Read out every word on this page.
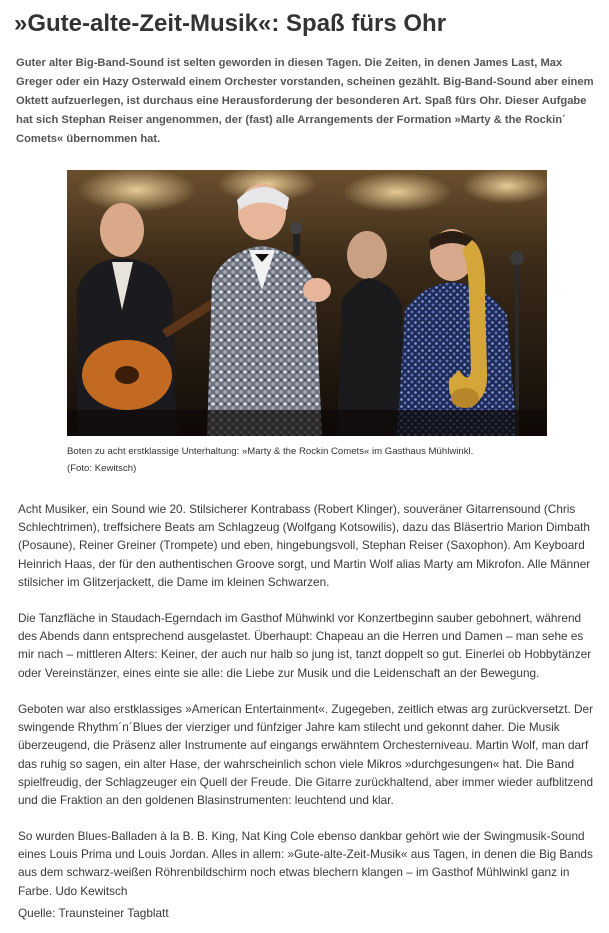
»Gute-alte-Zeit-Musik«: Spaß fürs Ohr

Guter alter Big-Band-Sound ist selten geworden in diesen Tagen. Die Zeiten, in denen James Last, Max Greger oder ein Hazy Osterwald einem Orchester vorstanden, scheinen gezählt. Big-Band-Sound aber einem Oktett aufzuerlegen, ist durchaus eine Herausforderung der besonderen Art. Spaß fürs Ohr. Dieser Aufgabe hat sich Stephan Reiser angenommen, der (fast) alle Arrangements der Formation »Marty & the Rockin´ Comets« übernommen hat.

Boten zu acht erstklassige Unterhaltung: »Marty & the Rockin Comets« im Gasthaus Mühlwinkl.
(Foto: Kewitsch)

Acht Musiker, ein Sound wie 20. Stilsicherer Kontrabass (Robert Klinger), souveräner Gitarrensound (Chris Schlechtrimen), treffsichere Beats am Schlagzeug (Wolfgang Kotsowilis), dazu das Bläsertrio Marion Dimbath (Posaune), Reiner Greiner (Trompete) und eben, hingebungsvoll, Stephan Reiser (Saxophon). Am Keyboard Heinrich Haas, der für den authentischen Groove sorgt, und Martin Wolf alias Marty am Mikrofon. Alle Männer stilsicher im Glitzerjackett, die Dame im kleinen Schwarzen.

Die Tanzfläche in Staudach-Egerndach im Gasthof Mühwinkl vor Konzertbeginn sauber gebohnert, während des Abends dann entsprechend ausgelastet. Überhaupt: Chapeau an die Herren und Damen – man sehe es mir nach – mittleren Alters: Keiner, der auch nur halb so jung ist, tanzt doppelt so gut. Einerlei ob Hobbytänzer oder Vereinstänzer, eines einte sie alle: die Liebe zur Musik und die Leidenschaft an der Bewegung.

Geboten war also erstklassiges »American Entertainment«. Zugegeben, zeitlich etwas arg zurückversetzt. Der swingende Rhythm´n´Blues der vierziger und fünfziger Jahre kam stilecht und gekonnt daher. Die Musik überzeugend, die Präsenz aller Instrumente auf eingangs erwähntem Orchesterniveau. Martin Wolf, man darf das ruhig so sagen, ein alter Hase, der wahrscheinlich schon viele Mikros »durchgesungen« hat. Die Band spielfreudig, der Schlagzeuger ein Quell der Freude. Die Gitarre zurückhaltend, aber immer wieder aufblitzend und die Fraktion an den goldenen Blasinstrumenten: leuchtend und klar.

So wurden Blues-Balladen à la B. B. King, Nat King Cole ebenso dankbar gehört wie der Swingmusik-Sound eines Louis Prima und Louis Jordan. Alles in allem: »Gute-alte-Zeit-Musik« aus Tagen, in denen die Big Bands aus dem schwarz-weißen Röhrenbildschirm noch etwas blechern klangen – im Gasthof Mühlwinkl ganz in Farbe. Udo Kewitsch

Quelle: Traunsteiner Tagblatt
